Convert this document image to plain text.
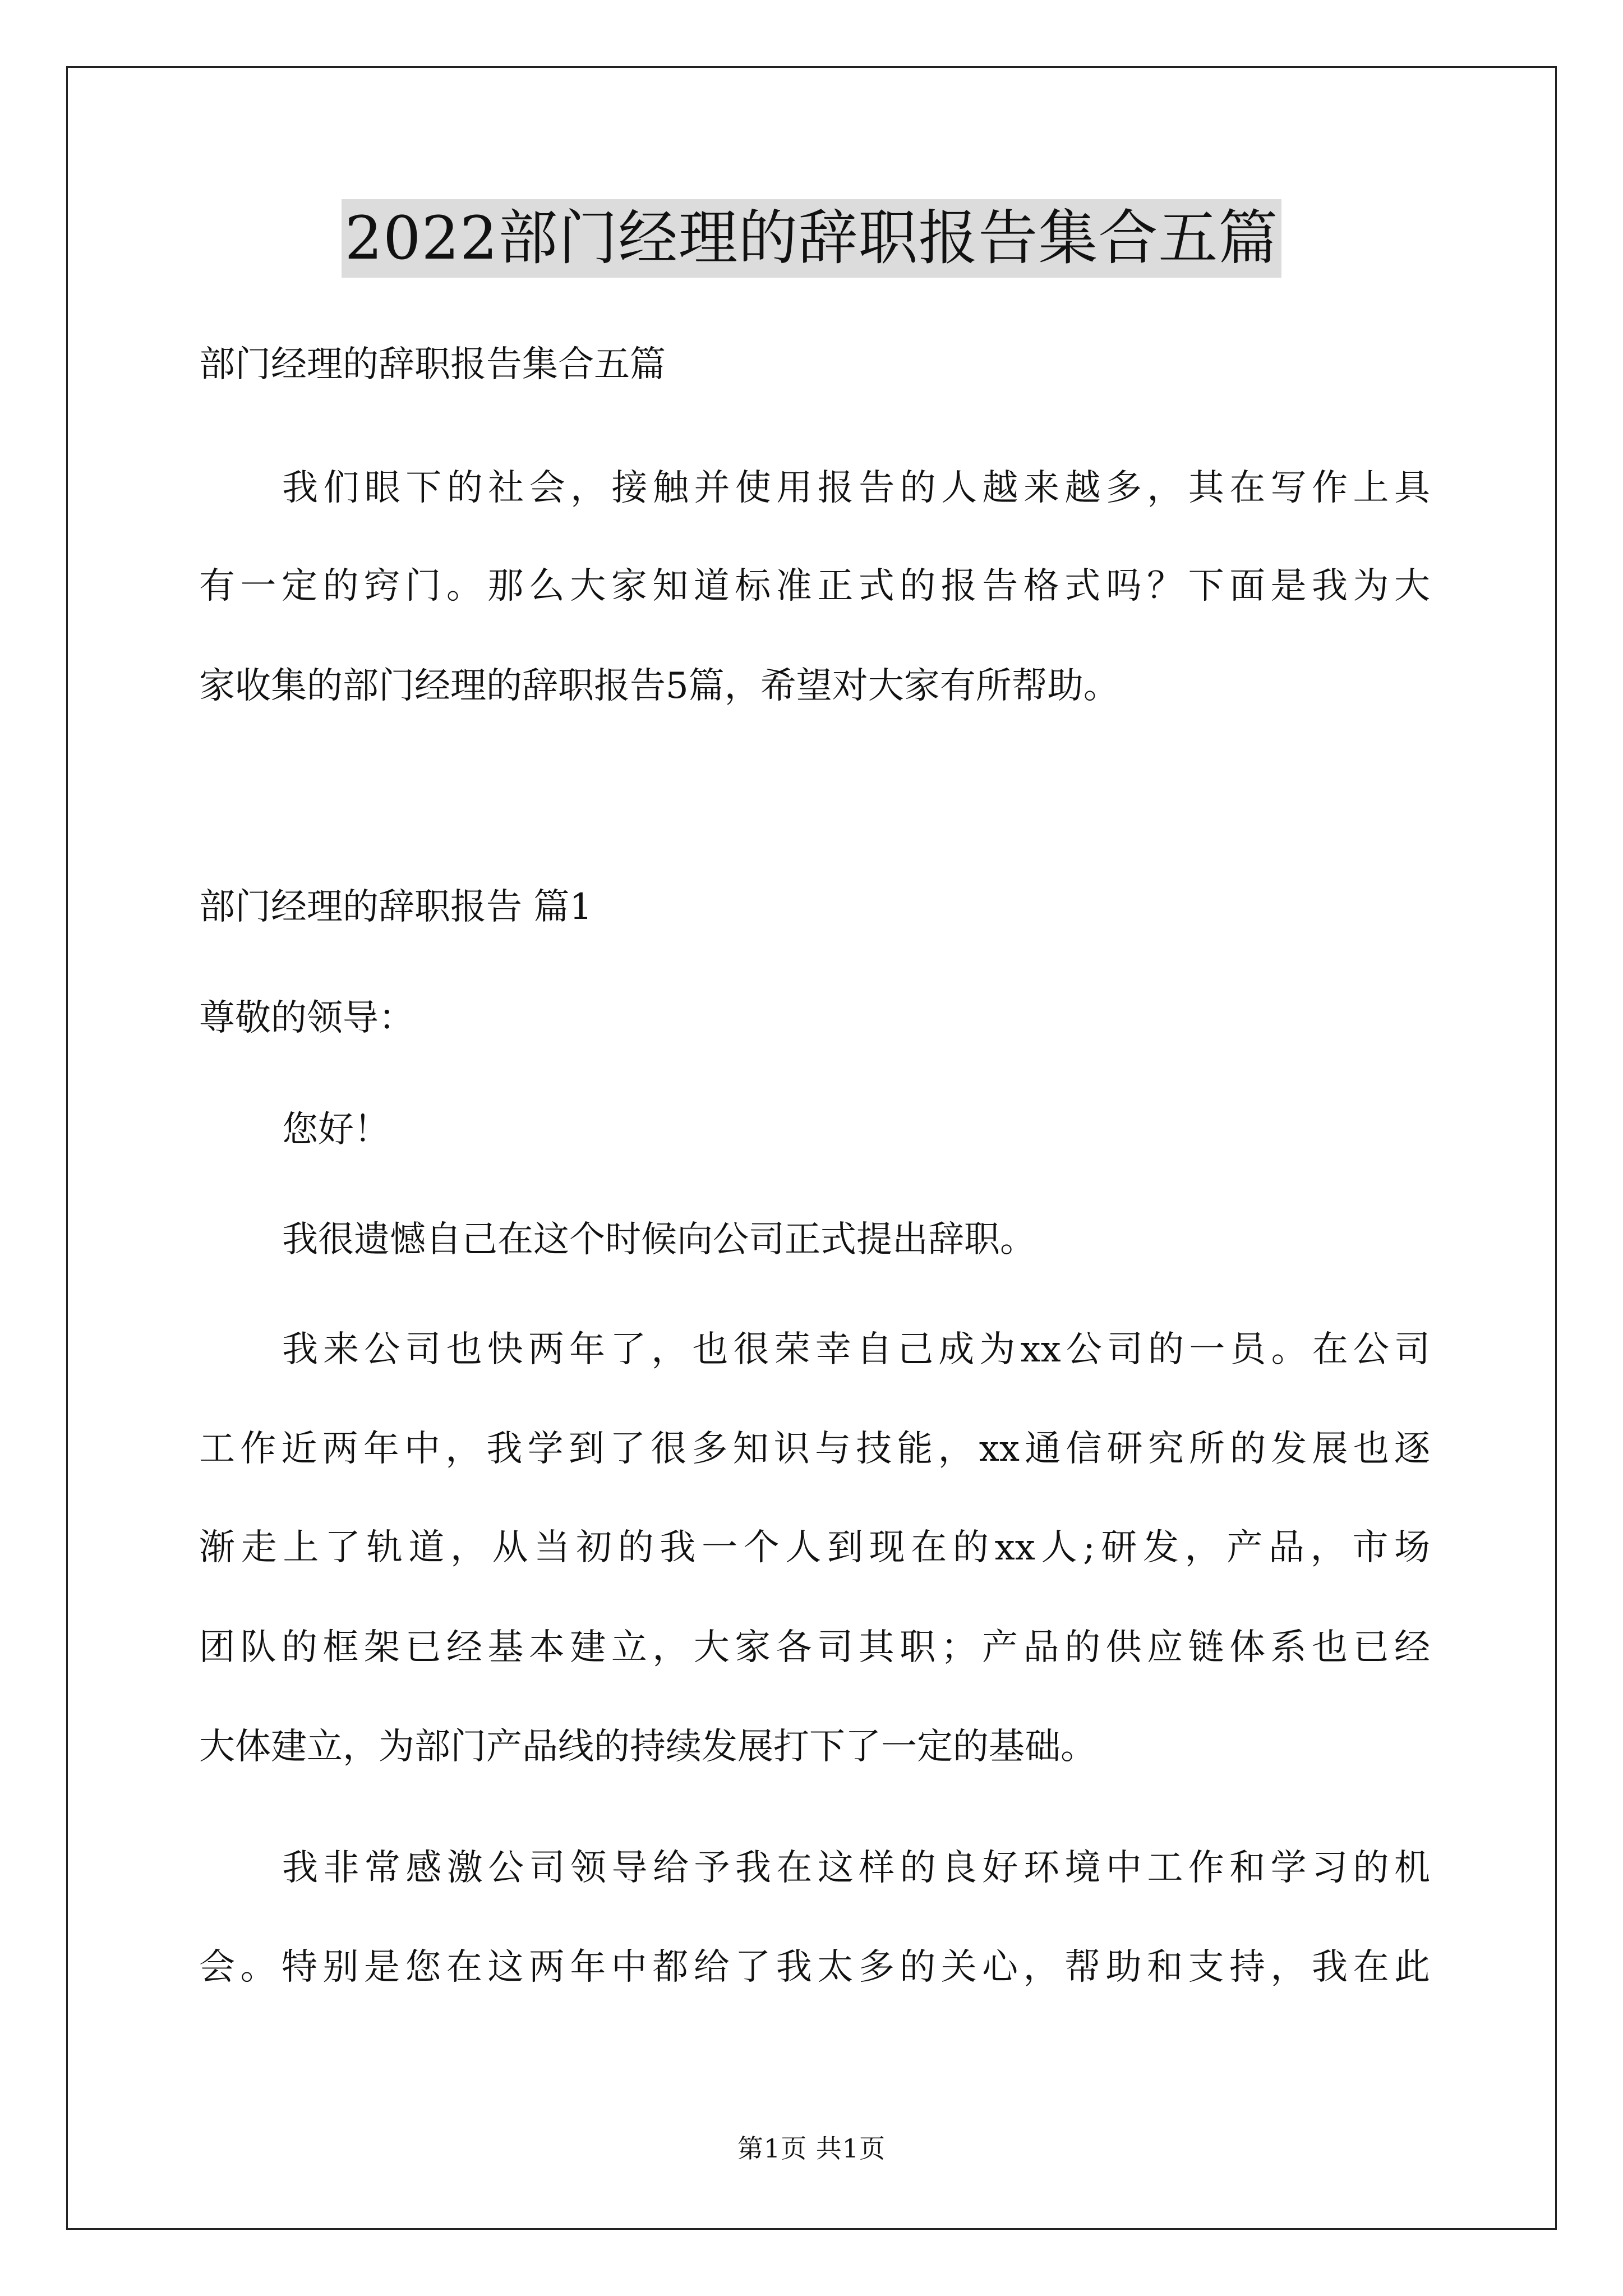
2022部门经理的辞职报告集合五篇
部门经理的辞职报告集合五篇
我们眼下的社会，接触并使用报告的人越来越多，其在写作上具
有一定的窍门。那么大家知道标准正式的报告格式吗？下面是我为大
家收集的部门经理的辞职报告5篇，希望对大家有所帮助。
部门经理的辞职报告 篇1
尊敬的领导：
您好！
我很遗憾自己在这个时候向公司正式提出辞职。
我来公司也快两年了，也很荣幸自己成为xx公司的一员。在公司
工作近两年中，我学到了很多知识与技能，xx通信研究所的发展也逐
渐走上了轨道，从当初的我一个人到现在的xx人;研发，产品，市场
团队的框架已经基本建立，大家各司其职；产品的供应链体系也已经
大体建立，为部门产品线的持续发展打下了一定的基础。
我非常感激公司领导给予我在这样的良好环境中工作和学习的机
会。特别是您在这两年中都给了我太多的关心，帮助和支持，我在此
第1页 共1页
